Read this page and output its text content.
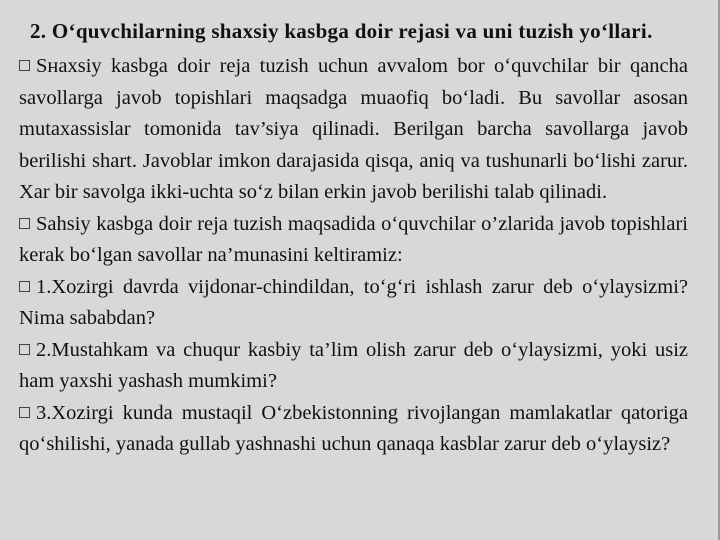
2. O‘quvchilarning shaxsiy kasbga doir rejasi va uni tuzish yo‘llari.

Sнaxsiy kasbga doir reja tuzish uchun avvalom bor o‘quvchilar bir qancha savollarga javob topishlari maqsadga muaofiq bo‘ladi. Bu savollar asosan mutaxassislar tomonida tav’siya qilinadi. Berilgan barcha savollarga javob berilishi shart. Javoblar imkon darajasida qisqa, aniq va tushunarli bo‘lishi zarur. Xar bir savolga ikki-uchta so‘z bilan erkin javob berilishi talab qilinadi.

Sahsiy kasbga doir reja tuzish maqsadida o‘quvchilar o’zlarida javob topishlari kerak bo‘lgan savollar na’munasini keltiramiz:

1.Xozirgi davrda vijdonar-chindildan, to‘g‘ri ishlash zarur deb o‘ylaysizmi? Nima sababdan?

2.Mustahkam va chuqur kasbiy ta’lim olish zarur deb o‘ylaysizmi, yoki usiz ham yaxshi yashash mumkimi?

3.Xozirgi kunda mustaqil O‘zbekistonning rivojlangan mamlakatlar qatoriga qo‘shilishi, yanada gullab yashnashi uchun qanaqa kasblar zarur deb o‘ylaysiz?
